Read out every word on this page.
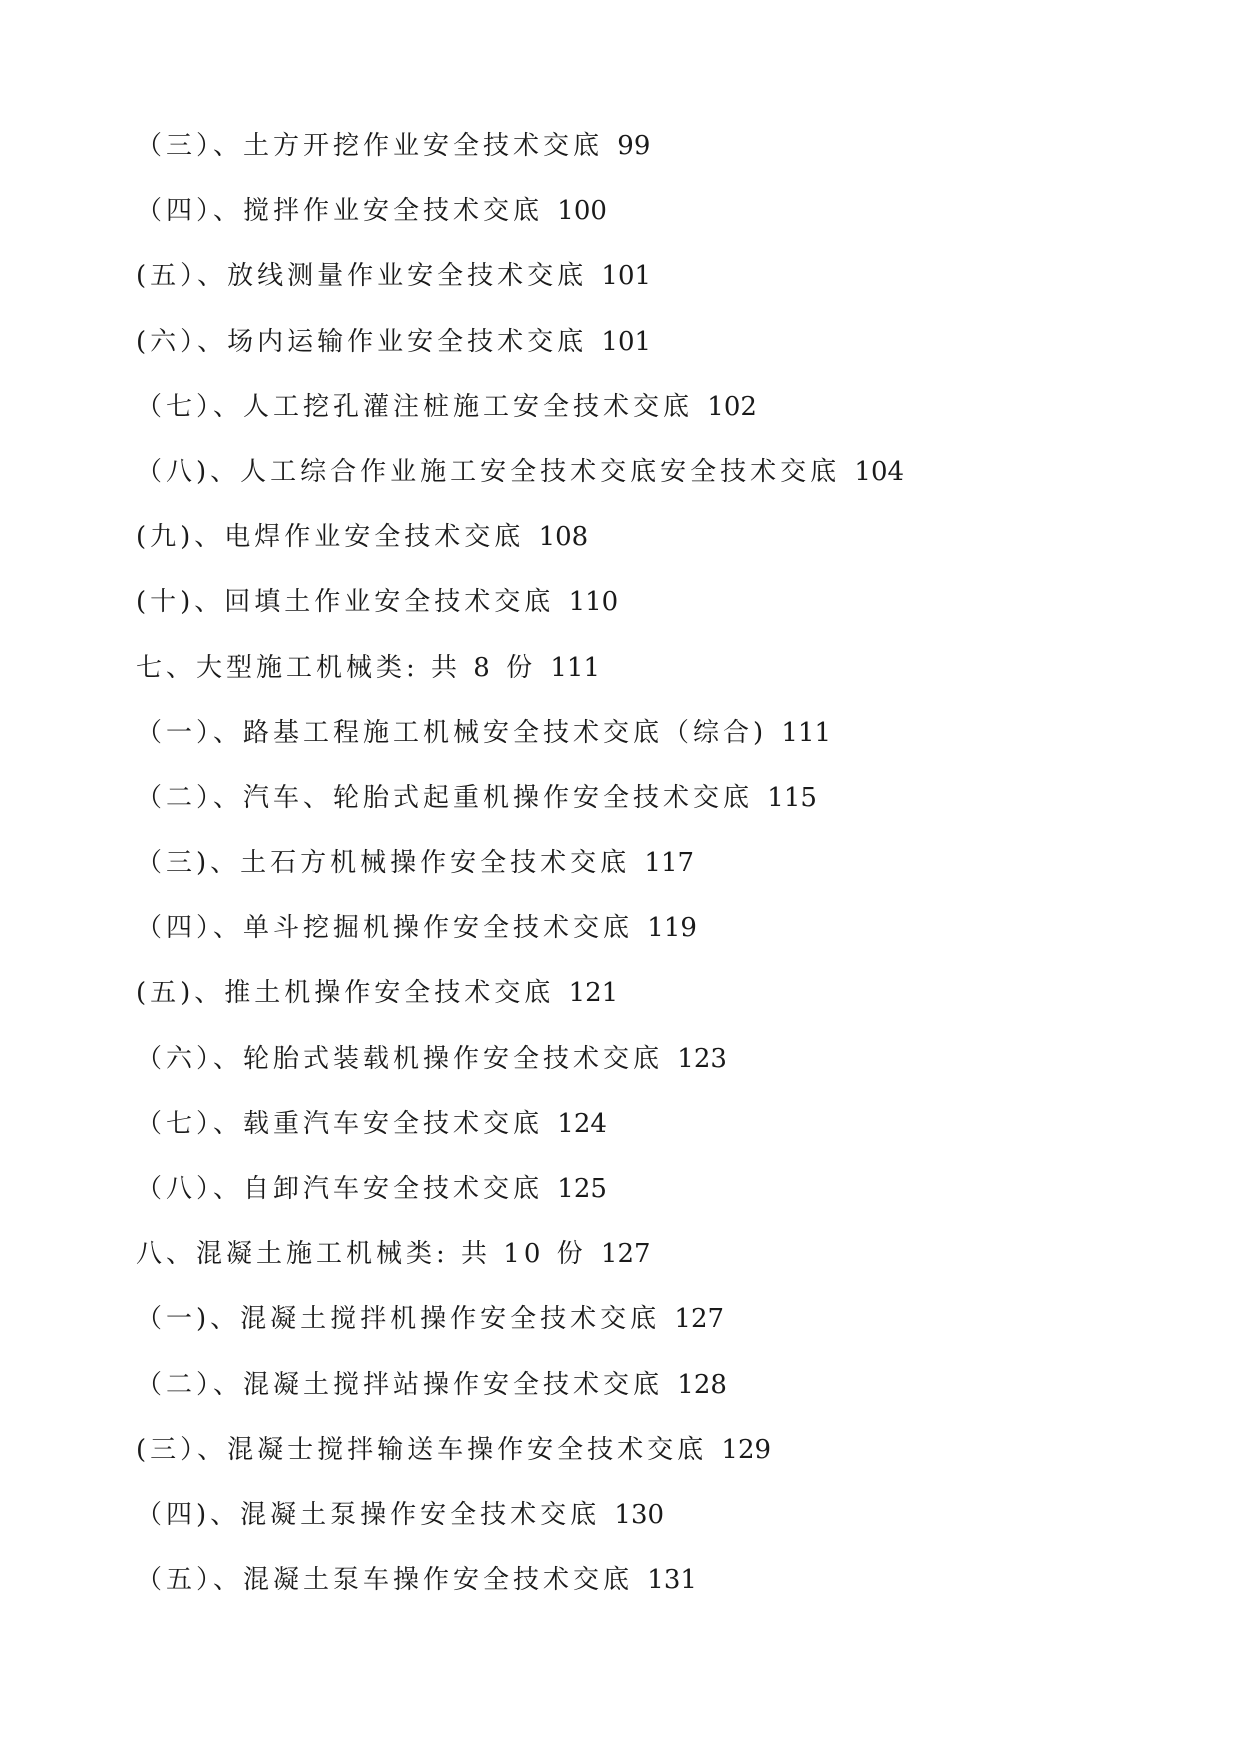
（三）、土方开挖作业安全技术交底 99
（四）、搅拌作业安全技术交底 100
(五）、放线测量作业安全技术交底 101
(六）、场内运输作业安全技术交底 101
（七）、人工挖孔灌注桩施工安全技术交底 102
（八)、人工综合作业施工安全技术交底安全技术交底 104
(九)、电焊作业安全技术交底 108
(十)、回填土作业安全技术交底 110
七、大型施工机械类: 共 8 份 111
（一）、路基工程施工机械安全技术交底（综合) 111
（二）、汽车、轮胎式起重机操作安全技术交底 115
（三)、土石方机械操作安全技术交底 117
（四）、单斗挖掘机操作安全技术交底 119
(五)、推土机操作安全技术交底 121
（六）、轮胎式装载机操作安全技术交底 123
（七）、载重汽车安全技术交底 124
（八）、自卸汽车安全技术交底 125
八、混凝土施工机械类: 共 10 份 127
（一)、混凝土搅拌机操作安全技术交底 127
（二）、混凝土搅拌站操作安全技术交底 128
(三）、混凝士搅拌输送车操作安全技术交底 129
（四)、混凝土泵操作安全技术交底 130
（五）、混凝土泵车操作安全技术交底 131
